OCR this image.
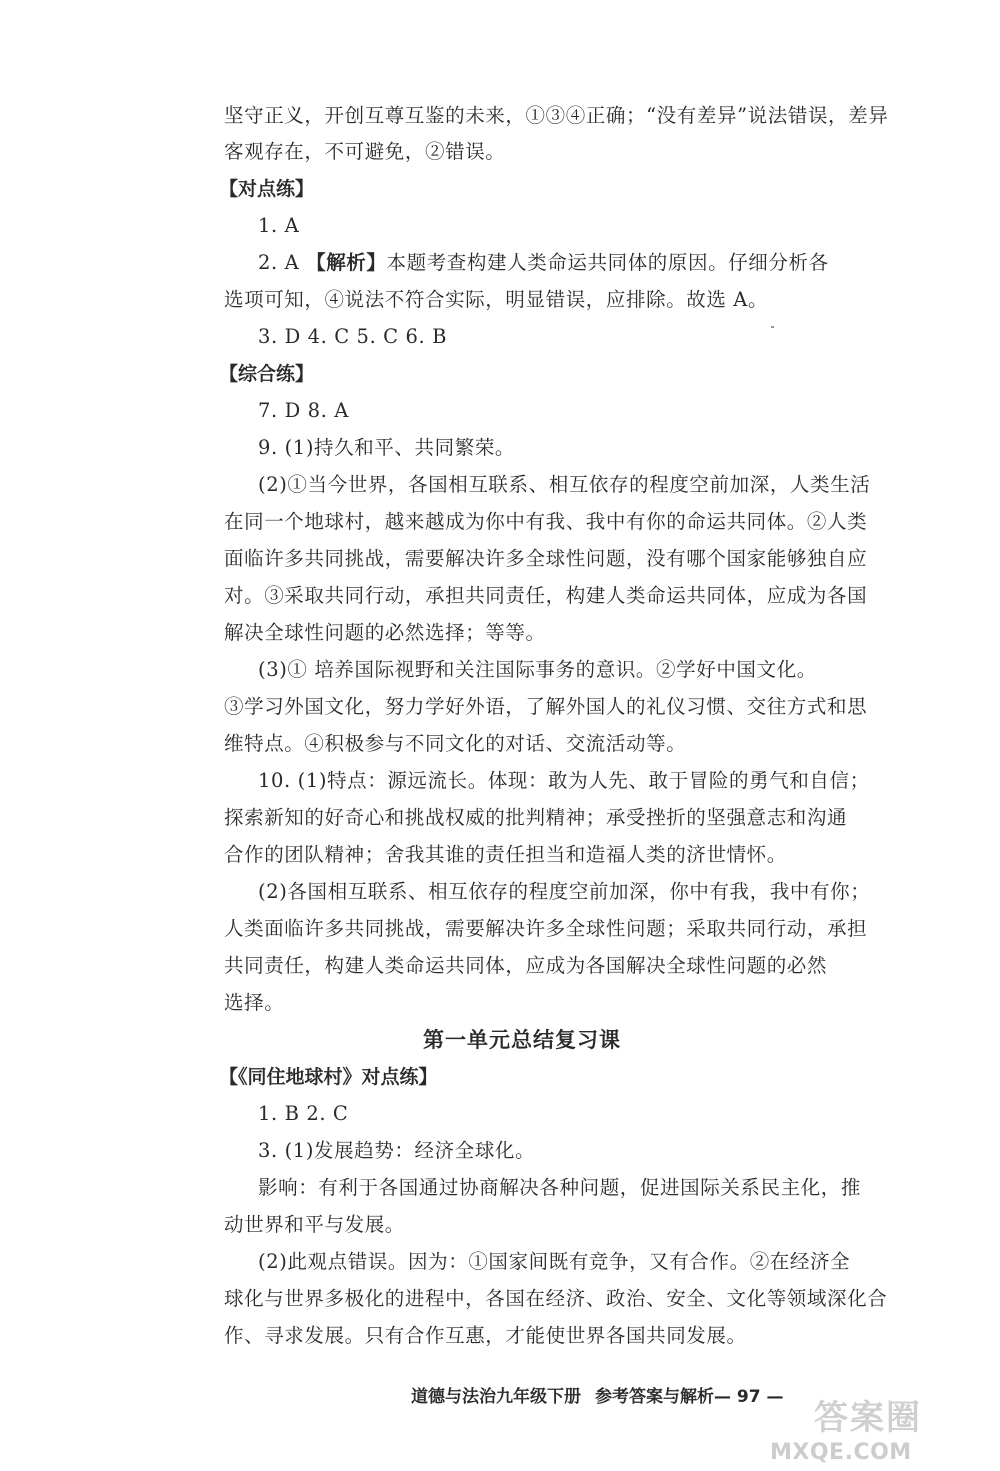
坚守正义，开创互尊互鉴的未来，①③④正确；“没有差异”说法错误，差异
客观存在，不可避免，②错误。
【对点练】
1. A
2. A 【解析】本题考查构建人类命运共同体的原因。仔细分析各
选项可知，④说法不符合实际，明显错误，应排除。故选 A。
3. D 4. C 5. C 6. B
【综合练】
7. D 8. A
9. (1)持久和平、共同繁荣。
(2)①当今世界，各国相互联系、相互依存的程度空前加深，人类生活
在同一个地球村，越来越成为你中有我、我中有你的命运共同体。②人类
面临许多共同挑战，需要解决许多全球性问题，没有哪个国家能够独自应
对。③采取共同行动，承担共同责任，构建人类命运共同体，应成为各国
解决全球性问题的必然选择；等等。
(3)① 培养国际视野和关注国际事务的意识。②学好中国文化。
③学习外国文化，努力学好外语，了解外国人的礼仪习惯、交往方式和思
维特点。④积极参与不同文化的对话、交流活动等。
10. (1)特点：源远流长。体现：敢为人先、敢于冒险的勇气和自信；
探索新知的好奇心和挑战权威的批判精神；承受挫折的坚强意志和沟通
合作的团队精神；舍我其谁的责任担当和造福人类的济世情怀。
(2)各国相互联系、相互依存的程度空前加深，你中有我，我中有你；
人类面临许多共同挑战，需要解决许多全球性问题；采取共同行动，承担
共同责任，构建人类命运共同体，应成为各国解决全球性问题的必然
选择。
第一单元总结复习课
【《同住地球村》对点练】
1. B 2. C
3. (1)发展趋势：经济全球化。
影响：有利于各国通过协商解决各种问题，促进国际关系民主化，推
动世界和平与发展。
(2)此观点错误。因为：①国家间既有竞争，又有合作。②在经济全
球化与世界多极化的进程中，各国在经济、政治、安全、文化等领域深化合
作、寻求发展。只有合作互惠，才能使世界各国共同发展。
道德与法治九年级下册 参考答案与解析— 97 —
答案圈
MXQE.COM
